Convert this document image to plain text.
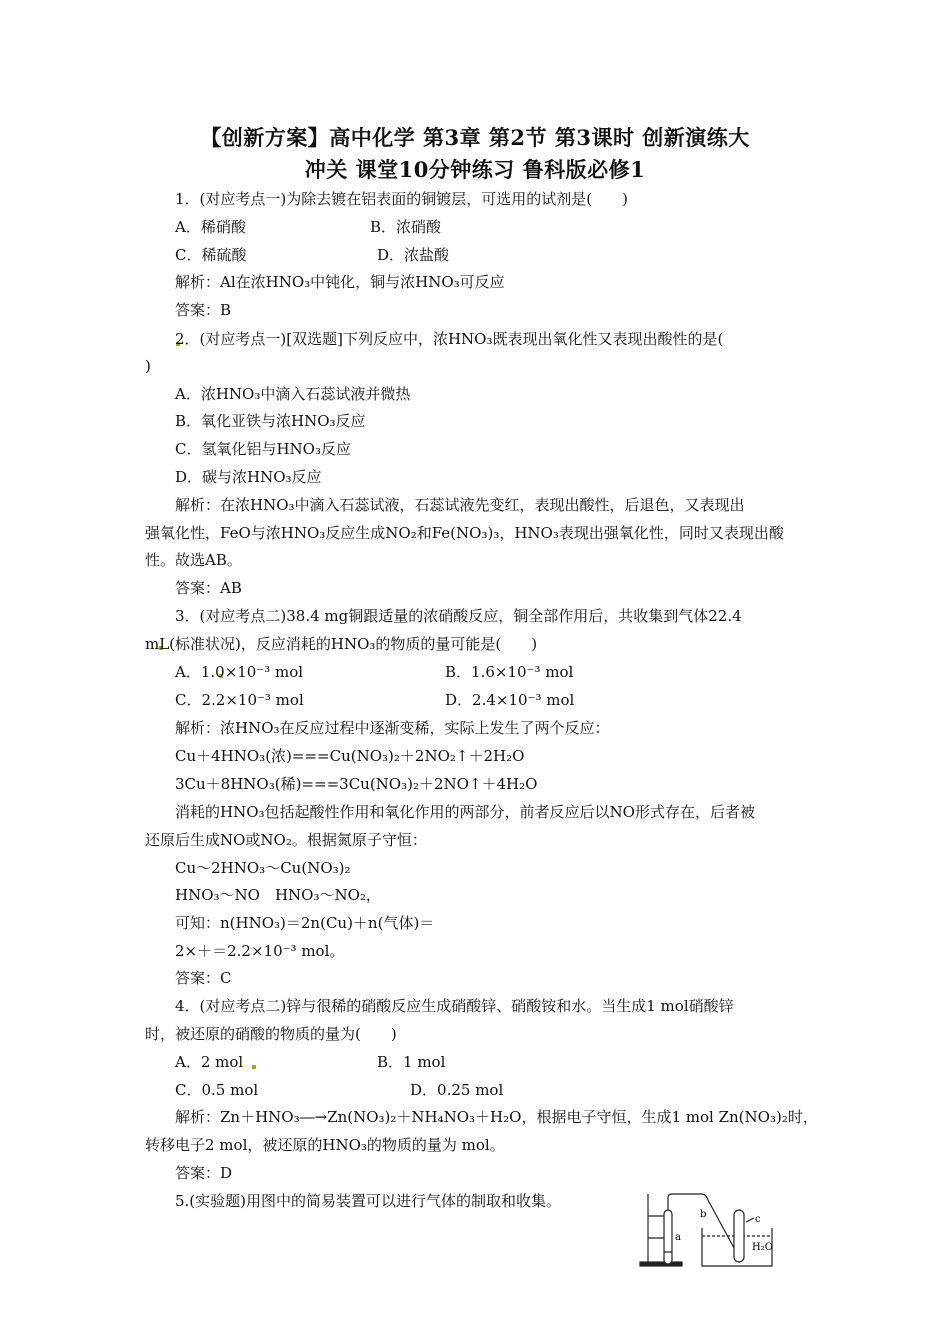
【创新方案】高中化学 第3章 第2节 第3课时 创新演练大
冲关 课堂10分钟练习 鲁科版必修1
1．(对应考点一)为除去镀在铝表面的铜镀层，可选用的试剂是(　　)
A．稀硝酸	B．浓硝酸
C．稀硫酸	D．浓盐酸
解析：Al在浓HNO₃中钝化，铜与浓HNO₃可反应
答案：B
2．(对应考点一)[双选题]下列反应中，浓HNO₃既表现出氧化性又表现出酸性的是(
)
A．浓HNO₃中滴入石蕊试液并微热
B．氧化亚铁与浓HNO₃反应
C．氢氧化铝与HNO₃反应
D．碳与浓HNO₃反应
解析：在浓HNO₃中滴入石蕊试液，石蕊试液先变红，表现出酸性，后退色，又表现出
强氧化性，FeO与浓HNO₃反应生成NO₂和Fe(NO₃)₃，HNO₃表现出强氧化性，同时又表现出酸
性。故选AB。
答案：AB
3．(对应考点二)38.4 mg铜跟适量的浓硝酸反应，铜全部作用后，共收集到气体22.4
mL(标准状况)，反应消耗的HNO₃的物质的量可能是(　　)
A．1.0×10⁻³ mol	B．1.6×10⁻³ mol
C．2.2×10⁻³ mol	D．2.4×10⁻³ mol
解析：浓HNO₃在反应过程中逐渐变稀，实际上发生了两个反应：
Cu＋4HNO₃(浓)===Cu(NO₃)₂＋2NO₂↑＋2H₂O
3Cu＋8HNO₃(稀)===3Cu(NO₃)₂＋2NO↑＋4H₂O
消耗的HNO₃包括起酸性作用和氧化作用的两部分，前者反应后以NO形式存在，后者被
还原后生成NO或NO₂。根据氮原子守恒：
Cu～2HNO₃～Cu(NO₃)₂
HNO₃～NO　HNO₃～NO₂，
可知：n(HNO₃)＝2n(Cu)＋n(气体)＝
2×＋＝2.2×10⁻³ mol。
答案：C
4．(对应考点二)锌与很稀的硝酸反应生成硝酸锌、硝酸铵和水。当生成1 mol硝酸锌
时，被还原的硝酸的物质的量为(　　)
A．2 mol	B．1 mol
C．0.5 mol	D．0.25 mol
解析：Zn＋HNO₃―→Zn(NO₃)₂＋NH₄NO₃＋H₂O，根据电子守恒，生成1 mol Zn(NO₃)₂时，
转移电子2 mol，被还原的HNO₃的物质的量为 mol。
答案：D
5.(实验题)用图中的简易装置可以进行气体的制取和收集。
a
b	c
H₂O
